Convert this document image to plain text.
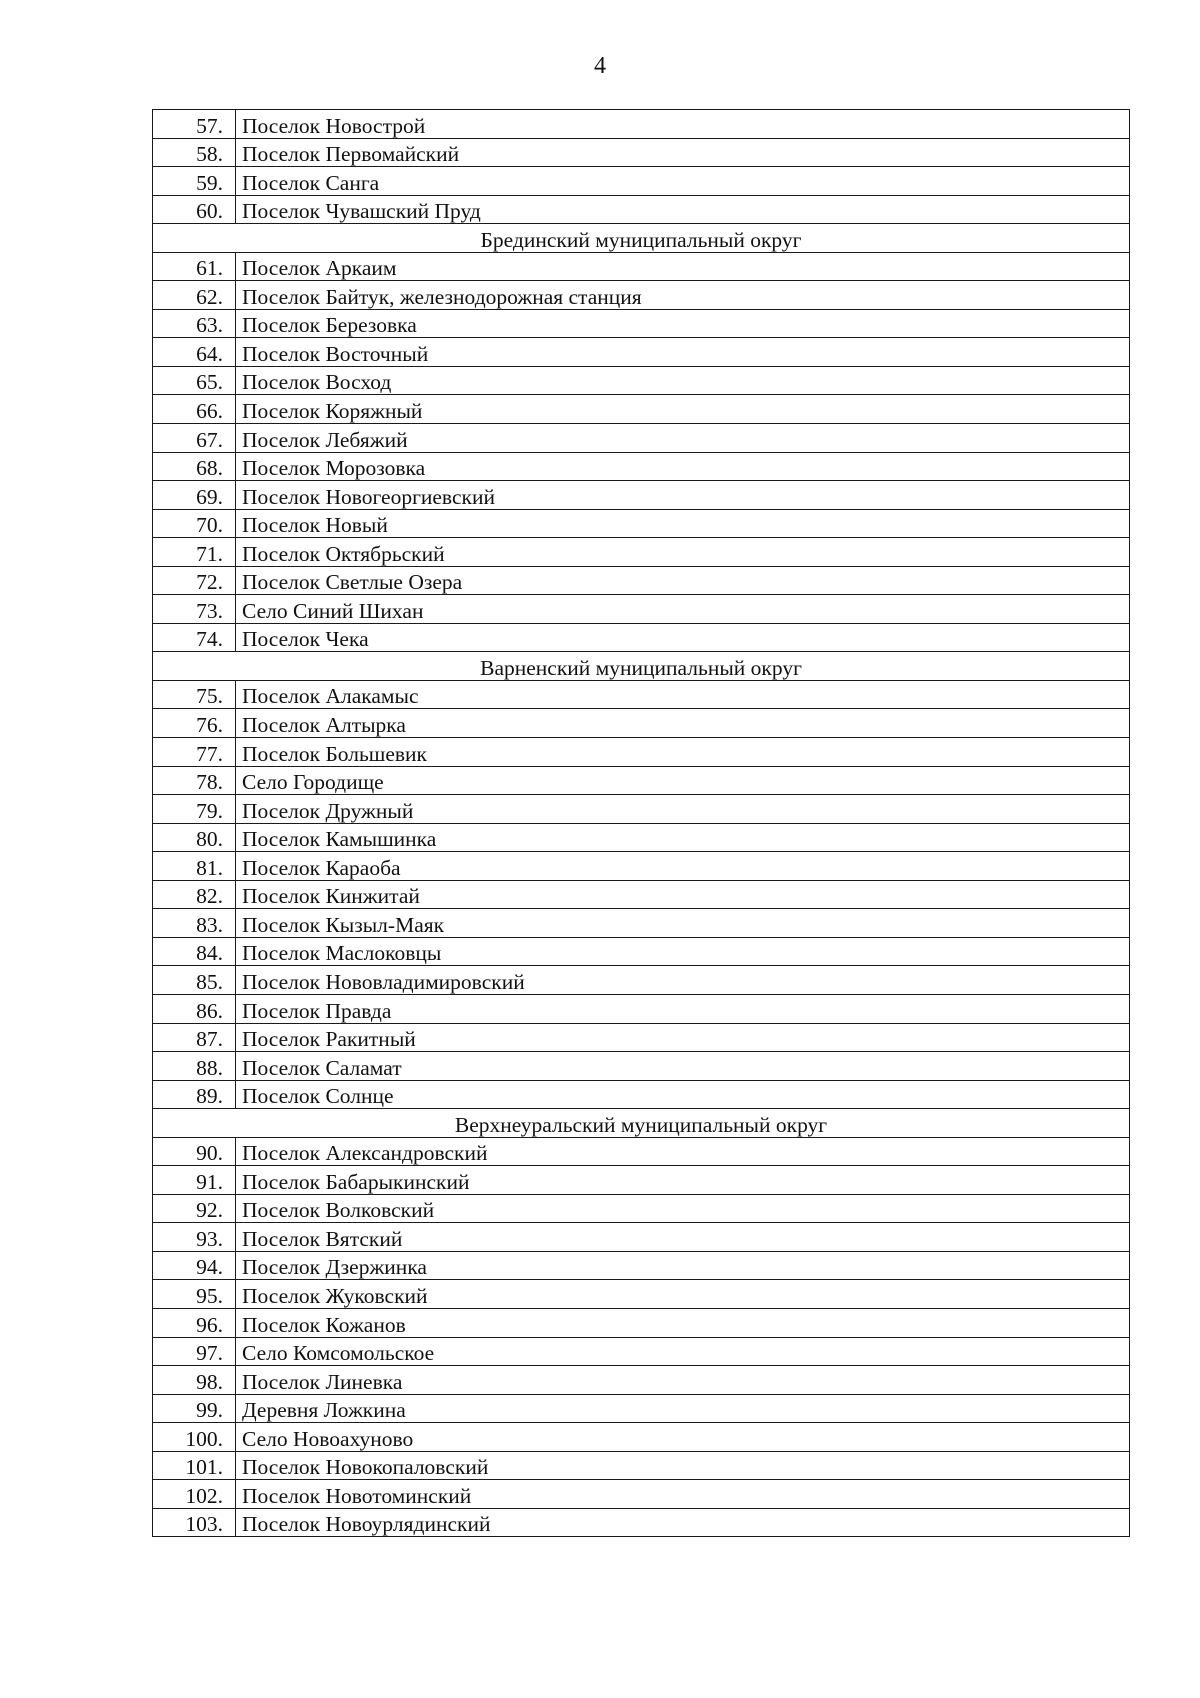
4
57.	Поселок Новострой
58.	Поселок Первомайский
59.	Поселок Санга
60.	Поселок Чувашский Пруд
Брединский муниципальный округ	
61.	Поселок Аркаим
62.	Поселок Байтук, железнодорожная станция
63.	Поселок Березовка
64.	Поселок Восточный
65.	Поселок Восход
66.	Поселок Коряжный
67.	Поселок Лебяжий
68.	Поселок Морозовка
69.	Поселок Новогеоргиевский
70.	Поселок Новый
71.	Поселок Октябрьский
72.	Поселок Светлые Озера
73.	Село Синий Шихан
74.	Поселок Чека
Варненский муниципальный округ	
75.	Поселок Алакамыс
76.	Поселок Алтырка
77.	Поселок Большевик
78.	Село Городище
79.	Поселок Дружный
80.	Поселок Камышинка
81.	Поселок Караоба
82.	Поселок Кинжитай
83.	Поселок Кызыл-Маяк
84.	Поселок Маслоковцы
85.	Поселок Нововладимировский
86.	Поселок Правда
87.	Поселок Ракитный
88.	Поселок Саламат
89.	Поселок Солнце
Верхнеуральский муниципальный округ	
90.	Поселок Александровский
91.	Поселок Бабарыкинский
92.	Поселок Волковский
93.	Поселок Вятский
94.	Поселок Дзержинка
95.	Поселок Жуковский
96.	Поселок Кожанов
97.	Село Комсомольское
98.	Поселок Линевка
99.	Деревня Ложкина
100.	Село Новоахуново
101.	Поселок Новокопаловский
102.	Поселок Новотоминский
103.	Поселок Новоурлядинский
